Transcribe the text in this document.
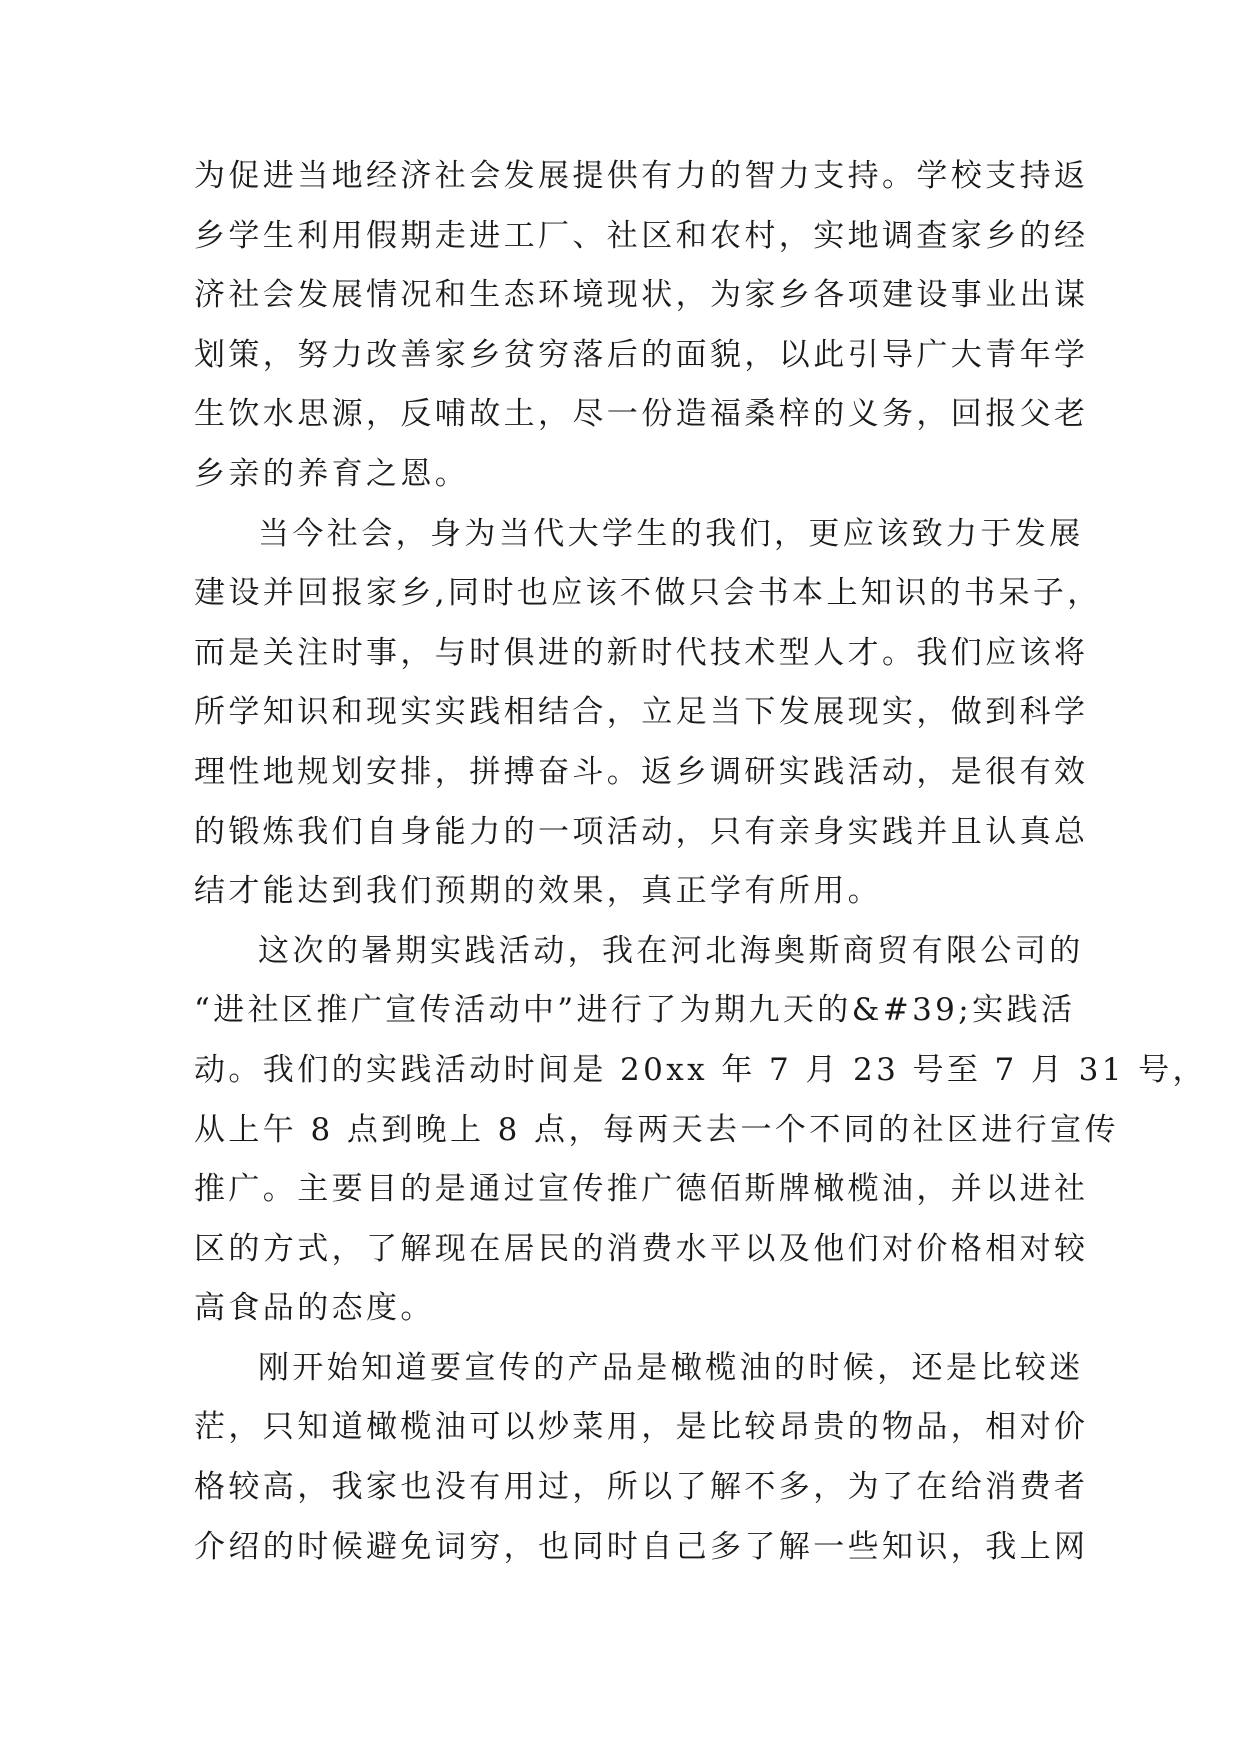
为促进当地经济社会发展提供有力的智力支持。学校支持返
乡学生利用假期走进工厂、社区和农村，实地调查家乡的经
济社会发展情况和生态环境现状，为家乡各项建设事业出谋
划策，努力改善家乡贫穷落后的面貌，以此引导广大青年学
生饮水思源，反哺故土，尽一份造福桑梓的义务，回报父老
乡亲的养育之恩。
当今社会，身为当代大学生的我们，更应该致力于发展
建设并回报家乡,同时也应该不做只会书本上知识的书呆子，
而是关注时事，与时俱进的新时代技术型人才。我们应该将
所学知识和现实实践相结合，立足当下发展现实，做到科学
理性地规划安排，拼搏奋斗。返乡调研实践活动，是很有效
的锻炼我们自身能力的一项活动，只有亲身实践并且认真总
结才能达到我们预期的效果，真正学有所用。
这次的暑期实践活动，我在河北海奥斯商贸有限公司的
“进社区推广宣传活动中”进行了为期九天的&#39;实践活
动。我们的实践活动时间是 20xx 年 7 月 23 号至 7 月 31 号，
从上午 8 点到晚上 8 点，每两天去一个不同的社区进行宣传
推广。主要目的是通过宣传推广德佰斯牌橄榄油，并以进社
区的方式，了解现在居民的消费水平以及他们对价格相对较
高食品的态度。
刚开始知道要宣传的产品是橄榄油的时候，还是比较迷
茫，只知道橄榄油可以炒菜用，是比较昂贵的物品，相对价
格较高，我家也没有用过，所以了解不多，为了在给消费者
介绍的时候避免词穷，也同时自己多了解一些知识，我上网
